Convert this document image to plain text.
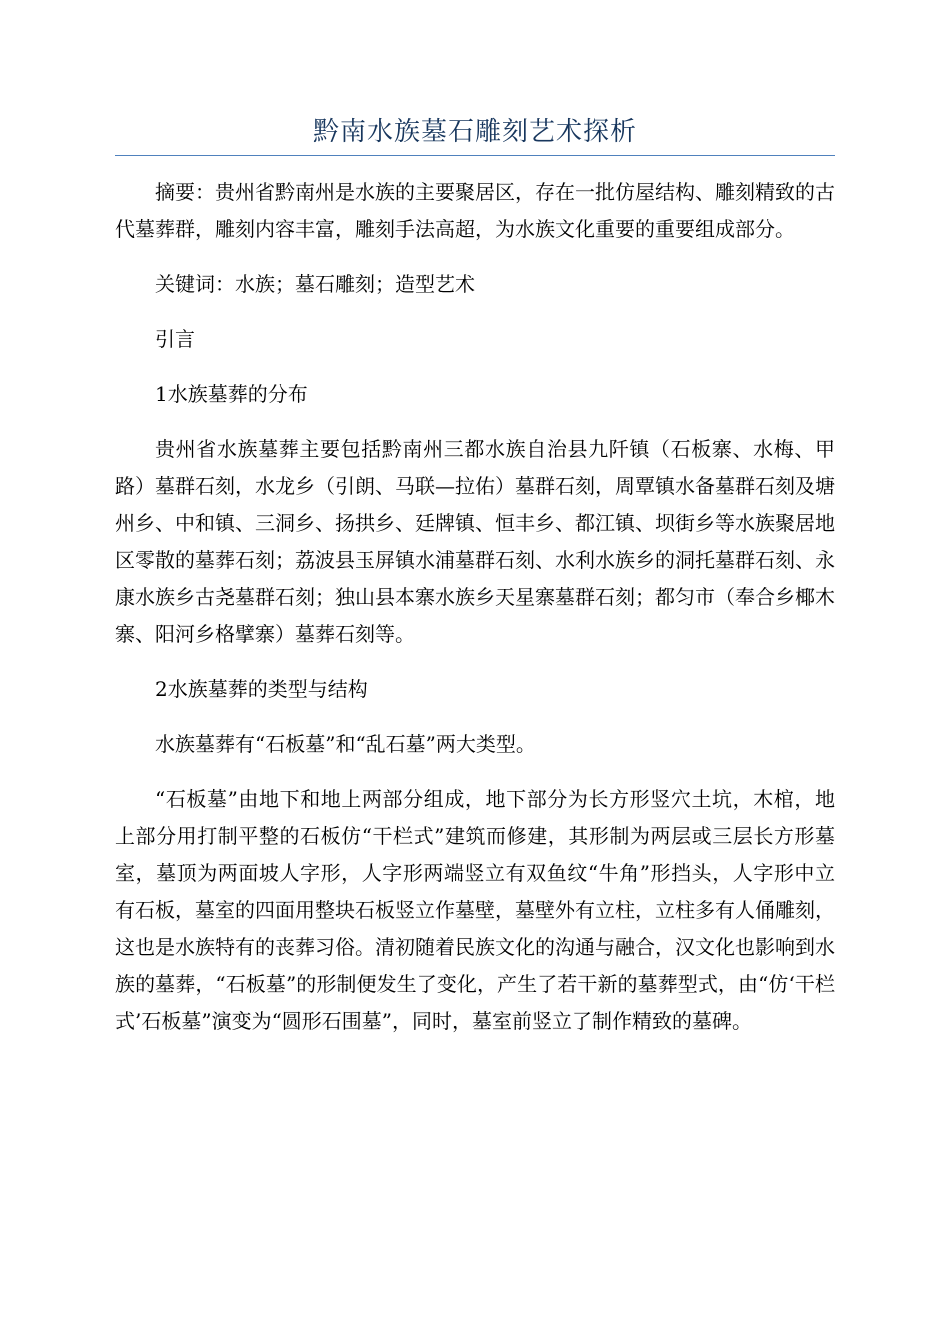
黔南水族墓石雕刻艺术探析

摘要：贵州省黔南州是水族的主要聚居区，存在一批仿屋结构、雕刻精致的古代墓葬群，雕刻内容丰富，雕刻手法高超，为水族文化重要的重要组成部分。

关键词：水族；墓石雕刻；造型艺术

引言

1水族墓葬的分布

贵州省水族墓葬主要包括黔南州三都水族自治县九阡镇（石板寨、水梅、甲路）墓群石刻，水龙乡（引朗、马联—拉佑）墓群石刻，周覃镇水备墓群石刻及塘州乡、中和镇、三洞乡、扬拱乡、廷牌镇、恒丰乡、都江镇、坝街乡等水族聚居地区零散的墓葬石刻；荔波县玉屏镇水浦墓群石刻、水利水族乡的洞托墓群石刻、永康水族乡古尧墓群石刻；独山县本寨水族乡天星寨墓群石刻；都匀市（奉合乡椰木寨、阳河乡格擘寨）墓葬石刻等。

2水族墓葬的类型与结构

水族墓葬有“石板墓”和“乱石墓”两大类型。

“石板墓”由地下和地上两部分组成，地下部分为长方形竖穴土坑，木棺，地上部分用打制平整的石板仿“干栏式”建筑而修建，其形制为两层或三层长方形墓室，墓顶为两面坡人字形，人字形两端竖立有双鱼纹“牛角”形挡头，人字形中立有石板，墓室的四面用整块石板竖立作墓壁，墓壁外有立柱，立柱多有人俑雕刻，这也是水族特有的丧葬习俗。清初随着民族文化的沟通与融合，汉文化也影响到水族的墓葬，“石板墓”的形制便发生了变化，产生了若干新的墓葬型式，由“仿‘干栏式’石板墓”演变为“圆形石围墓”，同时，墓室前竖立了制作精致的墓碑。
